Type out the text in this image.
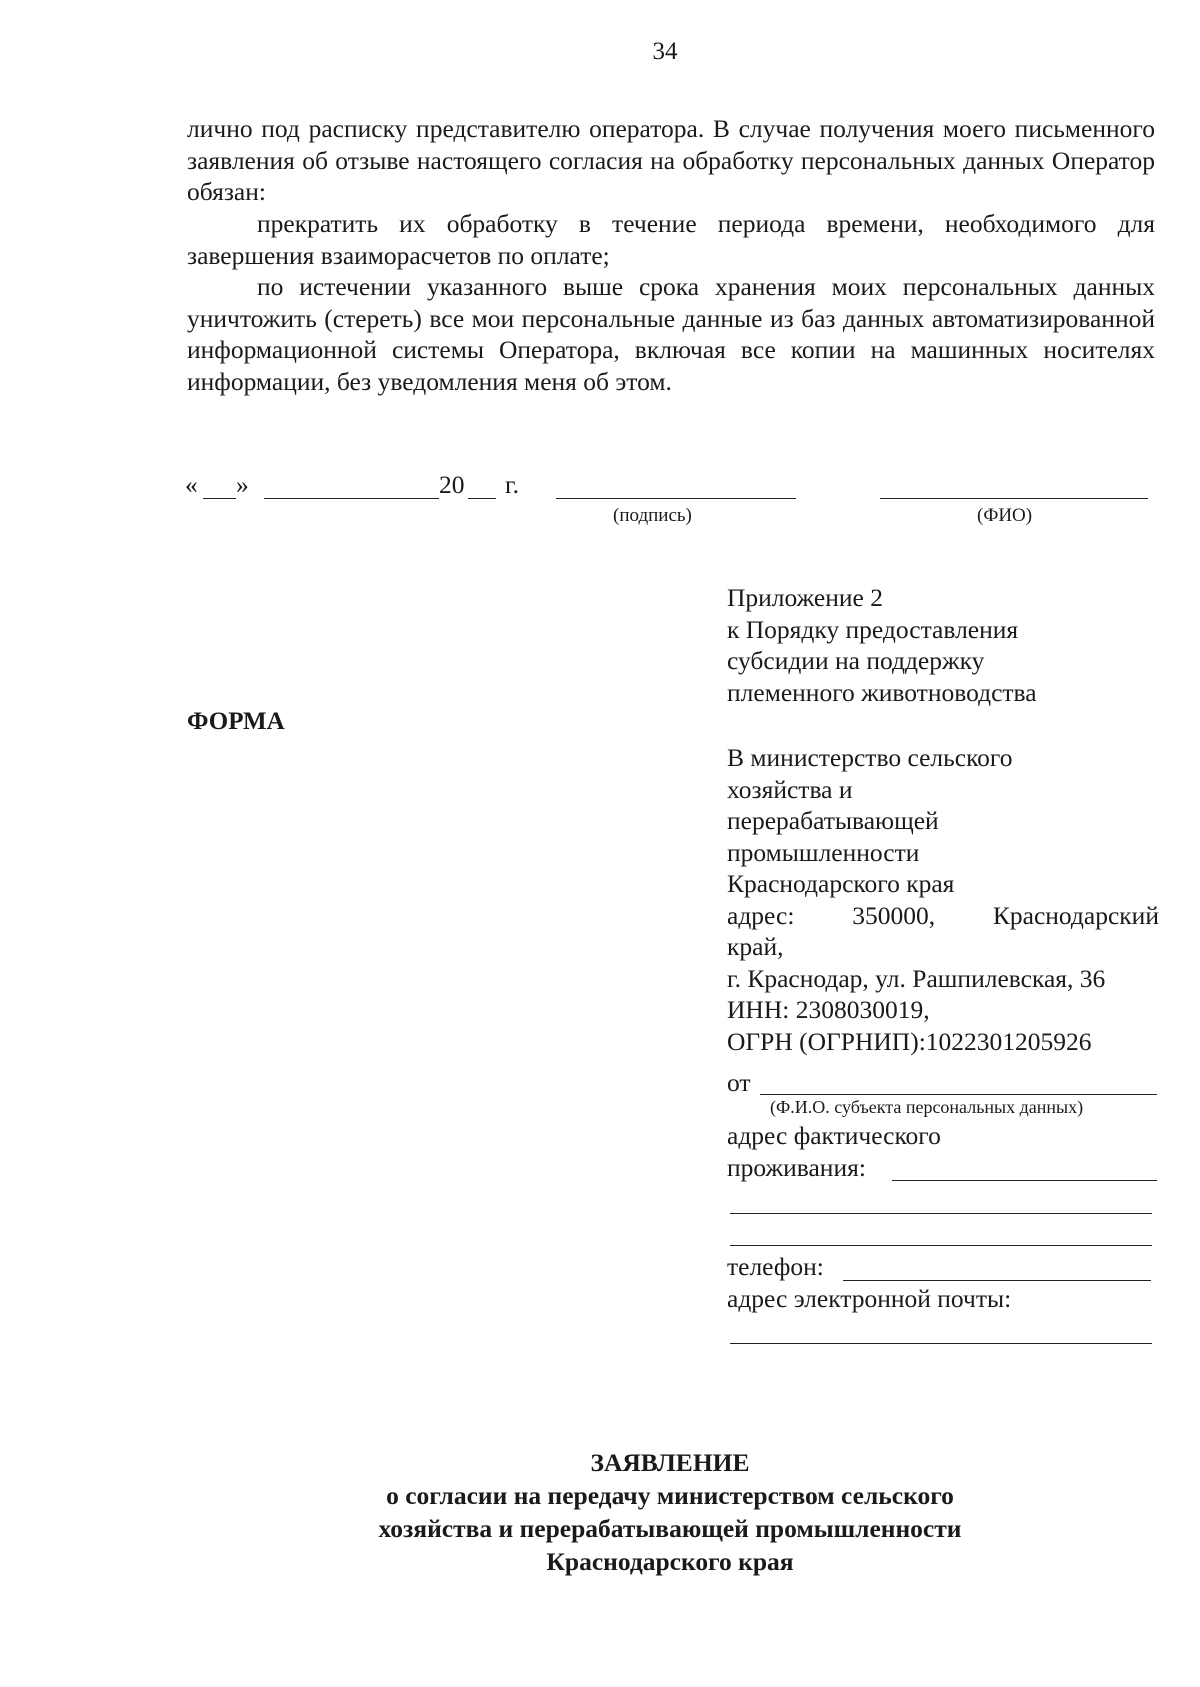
34
лично под расписку представителю оператора. В случае получения моего письменного заявления об отзыве настоящего согласия на обработку персональных данных Оператор обязан:
прекратить их обработку в течение периода времени, необходимого для завершения взаиморасчетов по оплате;
по истечении указанного выше срока хранения моих персональных данных уничтожить (стереть) все мои персональные данные из баз данных автоматизированной информационной системы Оператора, включая все копии на машинных носителях информации, без уведомления меня об этом.
« »	20 г.
(подпись)	(ФИО)
Приложение 2
к Порядку предоставления
субсидии на поддержку
племенного животноводства
ФОРМА
В министерство сельского
хозяйства и
перерабатывающей
промышленности
Краснодарского края
адрес: 350000, Краснодарский
край,
г. Краснодар, ул. Рашпилевская, 36
ИНН: 2308030019,
ОГРН (ОГРНИП):1022301205926
от
(Ф.И.О. субъекта персональных данных)
адрес фактического
проживания:
телефон:
адрес электронной почты:
ЗАЯВЛЕНИЕ
о согласии на передачу министерством сельского
хозяйства и перерабатывающей промышленности
Краснодарского края
